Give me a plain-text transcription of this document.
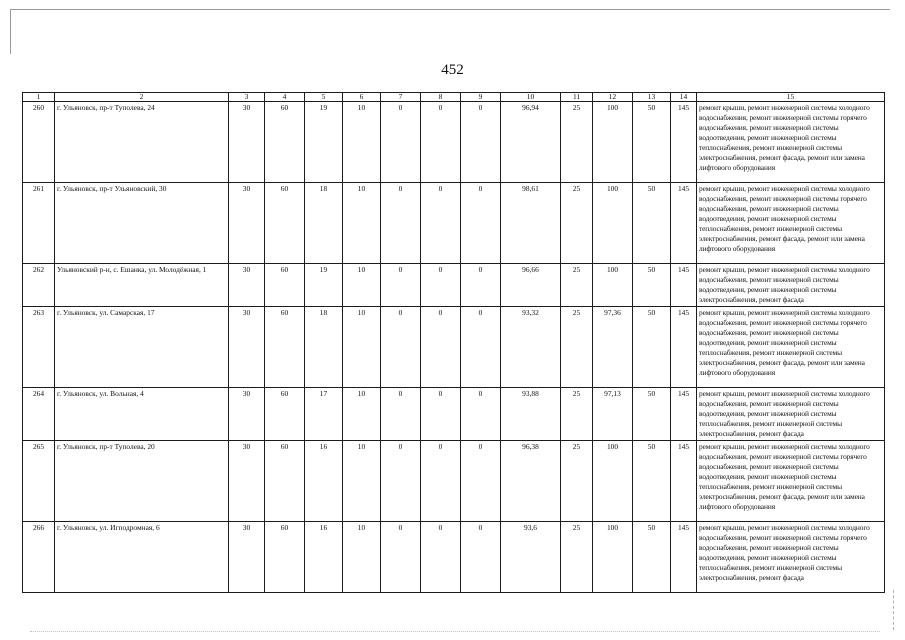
452
1	2	3	4	5	6	7	8	9	10	11	12	13	14	15
260	г. Ульяновск, пр-т Туполева, 24	30	60	19	10	0	0	0	96,94	25	100	50	145	ремонт крыши, ремонт инженерной системы холодного водоснабжения, ремонт инженерной системы горячего водоснабжения, ремонт инженерной системы водоотведения, ремонт инженерной системы теплоснабжения, ремонт инженерной системы электроснабжения, ремонт фасада, ремонт или замена лифтового оборудования
261	г. Ульяновск, пр-т Ульяновский, 30	30	60	18	10	0	0	0	98,61	25	100	50	145	ремонт крыши, ремонт инженерной системы холодного водоснабжения, ремонт инженерной системы горячего водоснабжения, ремонт инженерной системы водоотведения, ремонт инженерной системы теплоснабжения, ремонт инженерной системы электроснабжения, ремонт фасада, ремонт или замена лифтового оборудования
262	Ульяновский р-н, с. Ешанка, ул. Молодёжная, 1	30	60	19	10	0	0	0	96,66	25	100	50	145	ремонт крыши, ремонт инженерной системы холодного водоснабжения, ремонт инженерной системы водоотведения, ремонт инженерной системы электроснабжения, ремонт фасада
263	г. Ульяновск, ул. Самарская, 17	30	60	18	10	0	0	0	93,32	25	97,36	50	145	ремонт крыши, ремонт инженерной системы холодного водоснабжения, ремонт инженерной системы горячего водоснабжения, ремонт инженерной системы водоотведения, ремонт инженерной системы теплоснабжения, ремонт инженерной системы электроснабжения, ремонт фасада, ремонт или замена лифтового оборудования
264	г. Ульяновск, ул. Вольная, 4	30	60	17	10	0	0	0	93,88	25	97,13	50	145	ремонт крыши, ремонт инженерной системы холодного водоснабжения, ремонт инженерной системы водоотведения, ремонт инженерной системы теплоснабжения, ремонт инженерной системы электроснабжения, ремонт фасада
265	г. Ульяновск, пр-т Туполева, 20	30	60	16	10	0	0	0	96,38	25	100	50	145	ремонт крыши, ремонт инженерной системы холодного водоснабжения, ремонт инженерной системы горячего водоснабжения, ремонт инженерной системы водоотведения, ремонт инженерной системы теплоснабжения, ремонт инженерной системы электроснабжения, ремонт фасада, ремонт или замена лифтового оборудования
266	г. Ульяновск, ул. Игподромная, 6	30	60	16	10	0	0	0	93,6	25	100	50	145	ремонт крыши, ремонт инженерной системы холодного водоснабжения, ремонт инженерной системы горячего водоснабжения, ремонт инженерной системы водоотведения, ремонт инженерной системы теплоснабжения, ремонт инженерной системы электроснабжения, ремонт фасада
